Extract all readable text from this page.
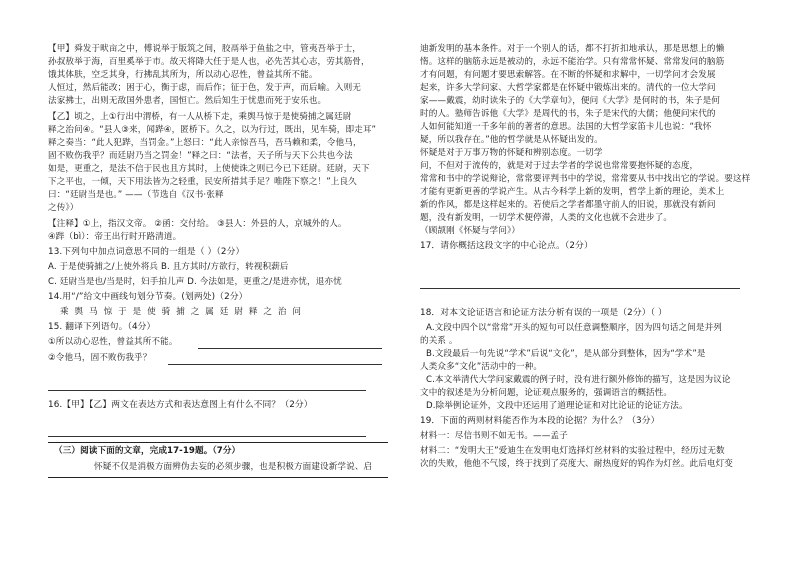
【甲】舜发于畎亩之中，傅说举于版筑之间，胶鬲举于鱼盐之中，管夷吾举于士，
孙叔敖举于海，百里奚举于市。故天将降大任于是人也，必先苦其心志，劳其筋骨，
饿其体肤，空乏其身，行拂乱其所为，所以动心忍性，曾益其所不能。
人恒过，然后能改；困于心，衡于虑，而后作；征于色，发于声，而后喻。入则无
法家拂士，出则无敌国外患者，国恒亡。然后知生于忧患而死于安乐也。
【乙】顷之，上①行出中渭桥，有一人从桥下走，乘舆马惊于是使骑捕之属廷尉
释之治问④。“县人③来，闻跸④，匿桥下。久之，以为行过，既出，见车骑，即走耳”
释之奏当：“此人犯跸，当罚金。”上怒曰：“此人亲惊吾马，吾马赖和柔，令他马，
固不败伤我乎？而廷尉乃当之罚金！”释之曰：“法者，天子所与天下公共也今法
如是，更重之，是法不信于民也且方其时，上使使诛之则已今已下廷尉。廷尉，天下
下之平也，一倾，天下用法皆为之轻重，民安所措其手足？唯陛下察之！”上良久
曰：“廷尉当是也。” ——（节选自《汉书·张释
之传》）
【注释】①上，指汉文帝。 ②函：交付给。 ③县人：外县的人，京城外的人。
④跸（bì）：帝王出行时开路清道。
13.下列句中加点词意思不同的一组是（ ）（2分）
A. 于是使骑捕之/上使外将兵 B. 且方其时/方欲行，转视积薪后
C. 廷尉当是也/当是时，妇手拍儿声 D. 今法如是，更重之/是进亦忧，退亦忧
14.用“/”给文中画线句划分节奏。(划两处)（2分）
乘 舆 马 惊 于 是 使 骑 捕 之 属 廷 尉 释 之 治 问
15. 翻译下列语句。（4分）
①所以动心忍性，曾益其所不能。
②令他马，固不败伤我乎？
16.【甲】【乙】两文在表达方式和表达意图上有什么不同？（2分）
（三）阅读下面的文章，完成17-19题。（7分）
怀疑不仅是消极方面辨伪去妄的必须步骤，也是积极方面建设新学说、启
迪新发明的基本条件。对于一个别人的话，都不打折扣地承认，那是思想上的懒
惰。这样的脑筋永远是被动的，永远不能治学。只有常常怀疑、常常发问的脑筋
才有问题，有问题才要思索解答。在不断的怀疑和求解中，一切学问才会发展
起来，许多大学问家、大哲学家都是在怀疑中锻炼出来的。清代的一位大学问
家——戴震，幼时读朱子的《大学章句》，便问《大学》是何时的书，朱子是何
时的人。塾师告诉他《大学》是周代的书，朱子是宋代的大儒；他便问宋代的
人如何能知道一千多年前的著者的意思。法国的大哲学家笛卡儿也说：“我怀
疑，所以我存在。”他的哲学就是从怀疑出发的。
怀疑是对于万事万物的怀疑和辨别态度。一切学
问，不但对于流传的，就是对于过去学者的学说也常常要抱怀疑的态度，
常常和书中的学说辩论，常常要评判书中的学说，常常要从书中找出它的学说。要这样
才能有更新更善的学说产生。从古今科学上新的发明，哲学上新的理论，美术上
新的作风，都是这样起来的。若使后之学者都墨守前人的旧说，那就没有新问
题，没有新发明，一切学术便停滞，人类的文化也就不会进步了。
（顾颉刚《怀疑与学问》）
17．请你概括这段文字的中心论点。（2分）
18．对本文论证语言和论证方法分析有误的一项是（2分）（ ）
A.文段中四个以“常常”开头的短句可以任意调整顺序，因为四句话之间是并列
的关系 。
B.文段最后一句先说“学术”后说“文化”，是从部分到整体，因为“学术”是
人类众多“文化”活动中的一种。
C.本文举清代大学问家戴震的例子时，没有进行额外修饰的描写，这是因为议论
文中的叙述是为分析问题，论证观点服务的，强调语言的概括性。
D.除举例论证外，文段中还运用了道理论证和对比论证的论证方法。
19．下面的两则材料能否作为本段的论据？为什么？（3分）
材料一：尽信书则不如无书。——孟子
材料二：“发明大王”爱迪生在发明电灯选择灯丝材料的实验过程中，经历过无数
次的失败，他他不气馁，终于找到了亮度大、耐热度好的钨作为灯丝。此后电灯变
